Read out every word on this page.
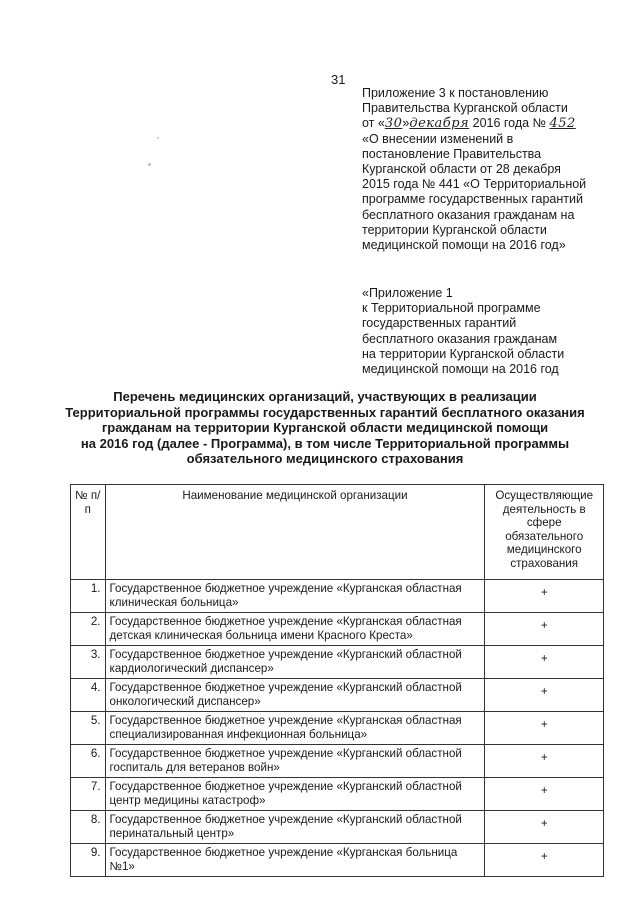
31
Приложение 3 к постановлению
Правительства Курганской области
от «30»декабря 2016 года № 452
«О внесении изменений в
постановление Правительства
Курганской области от 28 декабря
2015 года № 441 «О Территориальной
программе государственных гарантий
бесплатного оказания гражданам на
территории Курганской области
медицинской помощи на 2016 год»
«Приложение 1
к Территориальной программе
государственных гарантий
бесплатного оказания гражданам
на территории Курганской области
медицинской помощи на 2016 год
Перечень медицинских организаций, участвующих в реализации
Территориальной программы государственных гарантий бесплатного оказания
гражданам на территории Курганской области медицинской помощи
на 2016 год (далее - Программа), в том числе Территориальной программы
обязательного медицинского страхования
№ п/п	Наименование медицинской организации	Осуществляющие деятельность в сфере обязательного медицинского страхования
1.	Государственное бюджетное учреждение «Курганская областная клиническая больница»	+
2.	Государственное бюджетное учреждение «Курганская областная детская клиническая больница имени Красного Креста»	+
3.	Государственное бюджетное учреждение «Курганский областной кардиологический диспансер»	+
4.	Государственное бюджетное учреждение «Курганский областной онкологический диспансер»	+
5.	Государственное бюджетное учреждение «Курганская областная специализированная инфекционная больница»	+
6.	Государственное бюджетное учреждение «Курганский областной госпиталь для ветеранов войн»	+
7.	Государственное бюджетное учреждение «Курганский областной центр медицины катастроф»	+
8.	Государственное бюджетное учреждение «Курганский областной перинатальный центр»	+
9.	Государственное бюджетное учреждение «Курганская больница №1»	+
